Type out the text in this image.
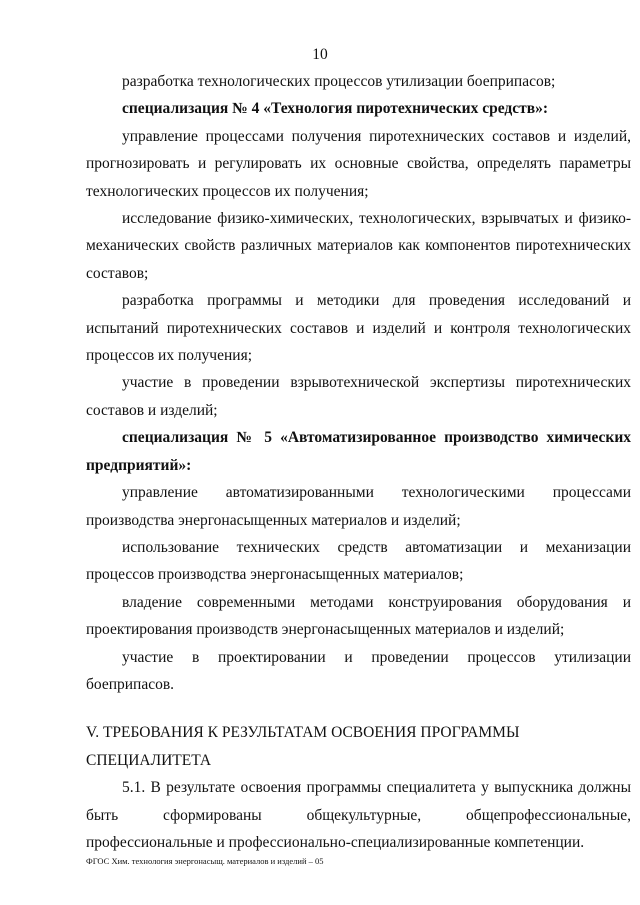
10

разработка технологических процессов утилизации боеприпасов;

специализация № 4 «Технология пиротехнических средств»:

управление процессами получения пиротехнических составов и изделий, прогнозировать и регулировать их основные свойства, определять параметры технологических процессов их получения;

исследование физико-химических, технологических, взрывчатых и физико-механических свойств различных материалов как компонентов пиротехнических составов;

разработка программы и методики для проведения исследований и испытаний пиротехнических составов и изделий и контроля технологических процессов их получения;

участие в проведении взрывотехнической экспертизы пиротехнических составов и изделий;

специализация № 5 «Автоматизированное производство химических предприятий»:

управление автоматизированными технологическими процессами производства энергонасыщенных материалов и изделий;

использование технических средств автоматизации и механизации процессов производства энергонасыщенных материалов;

владение современными методами конструирования оборудования и проектирования производств энергонасыщенных материалов и изделий;

участие в проектировании и проведении процессов утилизации боеприпасов.

V. ТРЕБОВАНИЯ К РЕЗУЛЬТАТАМ ОСВОЕНИЯ ПРОГРАММЫ

СПЕЦИАЛИТЕТА

5.1. В результате освоения программы специалитета у выпускника должны быть сформированы общекультурные, общепрофессиональные, профессиональные и профессионально-специализированные компетенции.

ФГОС Хим. технология энергонасыщ. материалов и изделий – 05
